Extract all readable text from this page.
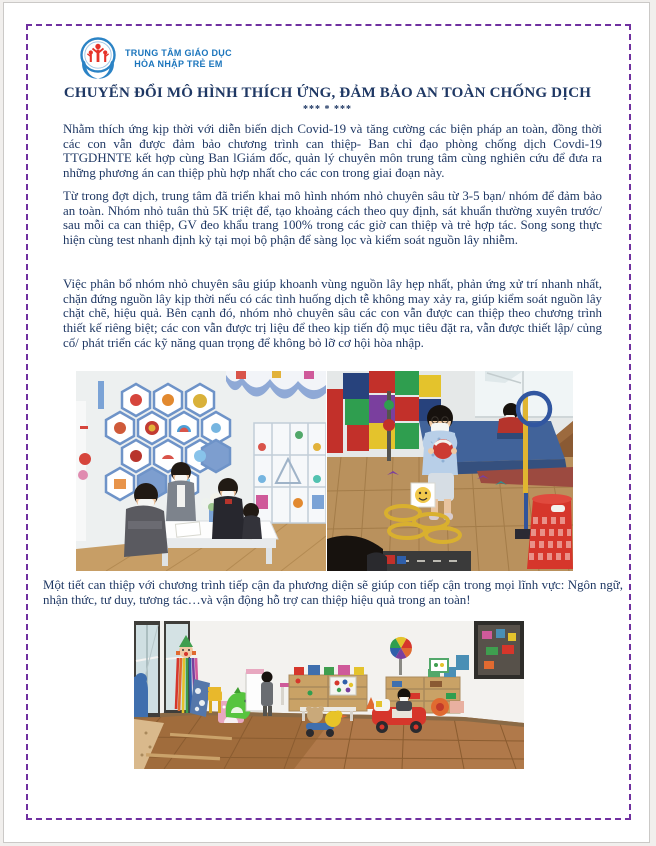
TRUNG TÂM GIÁO DỤC
HÒA NHẬP TRẺ EM
CHUYỂN ĐỔI MÔ HÌNH THÍCH ỨNG, ĐẢM BẢO AN TOÀN CHỐNG DỊCH
*** * ***

Nhằm thích ứng kịp thời với diễn biến dịch Covid-19 và tăng cường các biện pháp an toàn, đồng thời các con vẫn được đảm bảo chương trình can thiệp- Ban chỉ đạo phòng chống dịch Covdi-19 TTGDHNTE kết hợp cùng Ban lGiám đốc, quản lý chuyên môn trung tâm cùng nghiên cứu để đưa ra những phương án can thiệp phù hợp nhất cho các con trong giai đoạn này.

Từ trong đợt dịch, trung tâm đã triển khai mô hình nhóm nhỏ chuyên sâu từ 3-5 bạn/ nhóm để đảm bảo an toàn. Nhóm nhỏ tuân thủ 5K triệt để, tạo khoảng cách theo quy định, sát khuẩn thường xuyên trước/ sau mỗi ca can thiệp, GV đeo khẩu trang 100% trong các giờ can thiệp và trẻ hợp tác. Song song thực hiện cùng test nhanh định kỳ tại mọi bộ phận để sàng lọc và kiểm soát nguồn lây nhiễm.

Việc phân bổ nhóm nhỏ chuyên sâu giúp khoanh vùng nguồn lây hẹp nhất, phản ứng xử trí nhanh nhất, chặn đứng nguồn lây kịp thời nếu có các tình huống dịch tễ không may xảy ra, giúp kiểm soát nguồn lây chặt chẽ, hiệu quả. Bên cạnh đó, nhóm nhỏ chuyên sâu các con vẫn được can thiệp theo chương trình thiết kế riêng biệt; các con vẫn được trị liệu để theo kịp tiến độ mục tiêu đặt ra, vẫn được thiết lập/ củng cố/ phát triển các kỹ năng quan trọng để không bỏ lỡ cơ hội hòa nhập.

Một tiết can thiệp với chương trình tiếp cận đa phương diện sẽ giúp con tiếp cận trong mọi lĩnh vực: Ngôn ngữ, nhận thức, tư duy, tương tác…và vận động hỗ trợ can thiệp hiệu quả trong an toàn!
